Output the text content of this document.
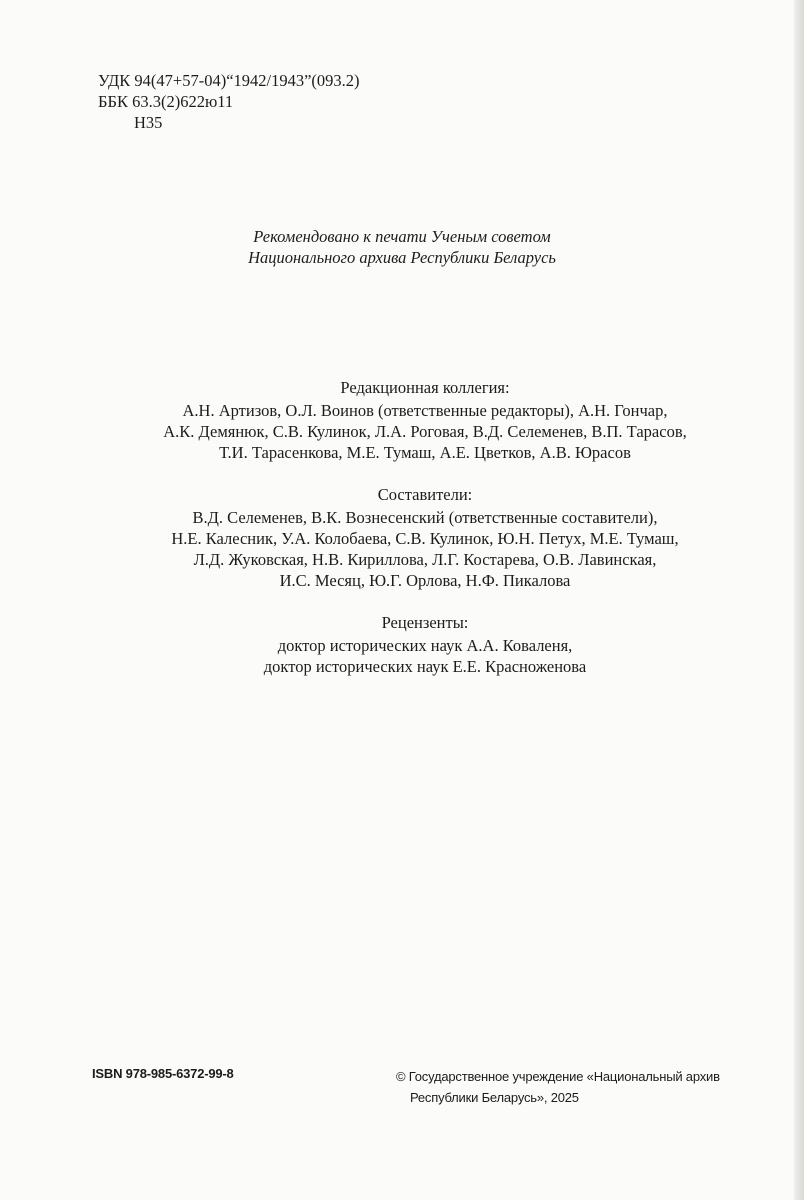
УДК 94(47+57-04)“1942/1943”(093.2)
ББК 63.3(2)622ю11
Н35
Рекомендовано к печати Ученым советом
Национального архива Республики Беларусь
Редакционная коллегия:
А.Н. Артизов, О.Л. Воинов (ответственные редакторы), А.Н. Гончар,
А.К. Демянюк, С.В. Кулинок, Л.А. Роговая, В.Д. Селеменев, В.П. Тарасов,
Т.И. Тарасенкова, М.Е. Тумаш, А.Е. Цветков, А.В. Юрасов
Составители:
В.Д. Селеменев, В.К. Вознесенский (ответственные составители),
Н.Е. Калесник, У.А. Колобаева, С.В. Кулинок, Ю.Н. Петух, М.Е. Тумаш,
Л.Д. Жуковская, Н.В. Кириллова, Л.Г. Костарева, О.В. Лавинская,
И.С. Месяц, Ю.Г. Орлова, Н.Ф. Пикалова
Рецензенты:
доктор исторических наук А.А. Коваленя,
доктор исторических наук Е.Е. Красноженова
ISBN 978-985-6372-99-8	© Государственное учреждение «Национальный архив
Республики Беларусь», 2025
